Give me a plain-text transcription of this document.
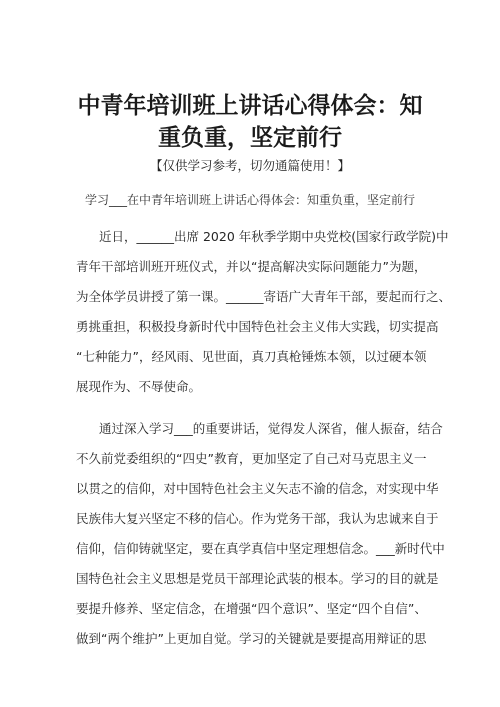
中青年培训班上讲话心得体会：知
重负重，坚定前行
【仅供学习参考，切勿通篇使用！】
学习___在中青年培训班上讲话心得体会：知重负重，坚定前行
近日，______出席 2020 年秋季学期中央党校(国家行政学院)中
青年干部培训班开班仪式，并以“提高解决实际问题能力”为题，
为全体学员讲授了第一课。______寄语广大青年干部，要起而行之、
勇挑重担，积极投身新时代中国特色社会主义伟大实践，切实提高
“七种能力”，经风雨、见世面，真刀真枪锤炼本领，以过硬本领
展现作为、不辱使命。
通过深入学习___的重要讲话，觉得发人深省，催人振奋，结合
不久前党委组织的“四史”教育，更加坚定了自己对马克思主义一
以贯之的信仰，对中国特色社会主义矢志不渝的信念，对实现中华
民族伟大复兴坚定不移的信心。作为党务干部，我认为忠诚来自于
信仰，信仰铸就坚定，要在真学真信中坚定理想信念。___新时代中
国特色社会主义思想是党员干部理论武装的根本。学习的目的就是
要提升修养、坚定信念，在增强“四个意识”、坚定“四个自信”、
做到“两个维护”上更加自觉。学习的关键就是要提高用辩证的思
